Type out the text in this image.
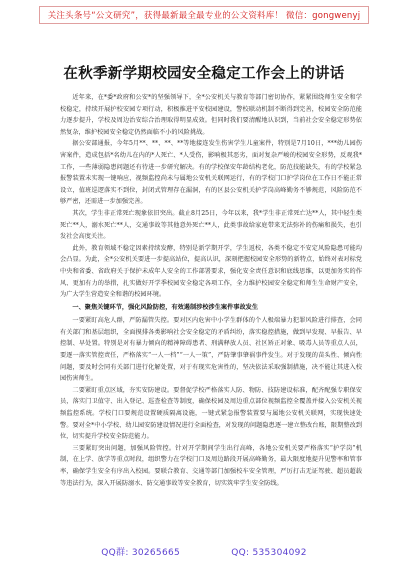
关注头条号“公文研究”，获得最新最全最专业的公文资料库！ 微信：gongwenyj
在秋季新学期校园安全稳定工作会上的讲话

近年来，在*委*政府和公安*的坚强领导下，全*公安机关与教育等部门密切协作，紧紧围绕师生安全和学校稳定，持续开展护校安园专项行动，积极推进平安校园建设，警校联动机制不断得到完善，校园安全防范能力逐步提升，学校及周边治安综合治理取得明显成效。但同时我们要清醒地认识到，当前社会安全稳定形势依然复杂，维护校园安全稳定仍然面临不小的风险挑战。

据公安部通报，今年5月**、**、**、**等地接连发生伤害学生儿童案件，特别是7月10日，***幼儿园伤害案件，造成包括*名幼儿在内的*人死亡、*人受伤，影响极其恶劣，面对复杂严峻的校园安全形势，反观我*工作，一些薄弱隐患问题还有待进一步研究解决。有的学校保安年龄结构老化，防范技能缺失，有的学校紧急报警装置未实现一键响应，视频监控尚未与属地公安机关联网运行，有的学校门口护学岗位在工作日不能正常设立，值班巡逻落实不到位，封闭式管理存在漏洞，有的区县公安机关护学岗高峰勤务不够规范，风险防范不够严密，还需进一步加强完善。

其次，学生非正常死亡现象依旧突出。截止8月25日，今年以来，我*学生非正常死亡达**人，其中轻生类死亡**人，溺水死亡**人，交通事故等其他意外死亡**人，此类事故给家庭带来无法弥补的伤痛和损失，也引发社会高度关注。

此外，教育领域不稳定因素持续发酵，特别是新学期开学，学生返校，各类不稳定不安定风险隐患可能均会凸显。为此，全*公安机关要进一步提高站位，提高认识，深刻把握校园安全形势的新特点，始终对表对标党中央和省委、省政府关于保护未成年人安全的工作部署要求，强化安全责任意识和底线思维，以更加务实的作风、更加有力的举措，扎实做好开学季校园安全稳定各项工作，全力维护校园安全稳定和师生生命财产安全，为广大学生营造安全和谐的校园环境。

一、聚焦关键环节，强化风险防控，有效遏制涉校涉生案件事故发生

一要紧盯高危人群，严防漏管失控。要对区内危害中小学生群体的个人极端暴力犯罪风险进行排查，会同有关部门和基层组织，全面摸排各类影响社会安全稳定的矛盾纠纷，落实稳控措施，做到早发现、早报告、早控制、早处置。特别是对有暴力倾向的精神障碍患者、刑满释放人员、社区矫正对象、吸毒人员等重点人员，要逐一落实管控责任，严格落实“一人一档”“一人一策”，严防肇事肇祸事件发生。对于发现的苗头性、倾向性问题，要及时会同有关部门进行化解处置，对于有现实危害性的，坚决依法采取强制措施，决不能让其进入校园伤害师生。

二要紧盯重点区域，夯实安防建设。要督促学校严格落实人防、物防、技防建设标准，配齐配强专职保安员，落实门卫值守、出入登记、巡查检查等制度，确保校园及周边重点部位视频监控全覆盖并接入公安机关视频监控系统。学校门口要规范设置硬质隔离设施，一键式紧急报警装置要与属地公安机关联网，实现快速处警。要对全*中小学校、幼儿园安防建设情况进行全面检查，对发现的问题隐患逐一建立整改台账，限期整改到位，切实提升学校安全防范能力。

三要紧盯突出问题，加强风险管控。针对开学期间学生出行高峰，各地公安机关要严格落实“护学岗”机制，在上学、放学等重点时段，组织警力在学校门口及周边路段开展高峰勤务，最大限度地提升见警率和管事率，确保学生安全有序出入校园。要联合教育、交通等部门加强校车安全管理，严厉打击无证驾驶、超员超载等违法行为，深入开展防溺水、防交通事故等安全教育，切实筑牢学生安全防线。

QQ群: 30265665	QQ: 535304092
